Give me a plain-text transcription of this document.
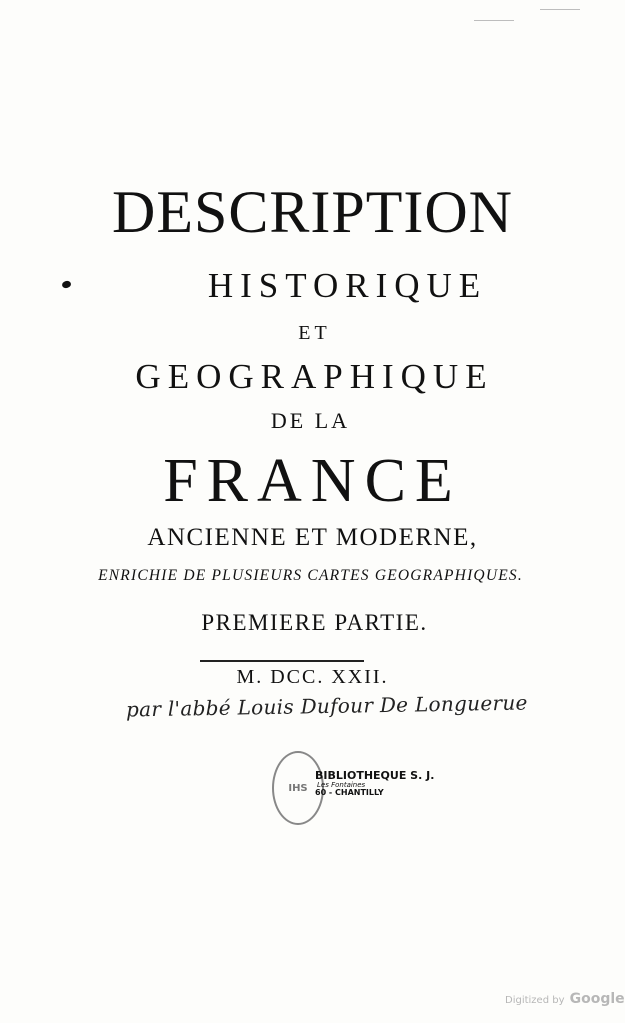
DESCRIPTION
HISTORIQUE
ET
GEOGRAPHIQUE
DE LA
FRANCE
ANCIENNE ET MODERNE,
ENRICHIE DE PLUSIEURS CARTES GEOGRAPHIQUES.
PREMIERE PARTIE.
M. DCC. XXII.
par l'abbé Louis Dufour De Longuerue
IHS
BIBLIOTHEQUE S. J.
Les Fontaines
60 - CHANTILLY
Digitized by Google
